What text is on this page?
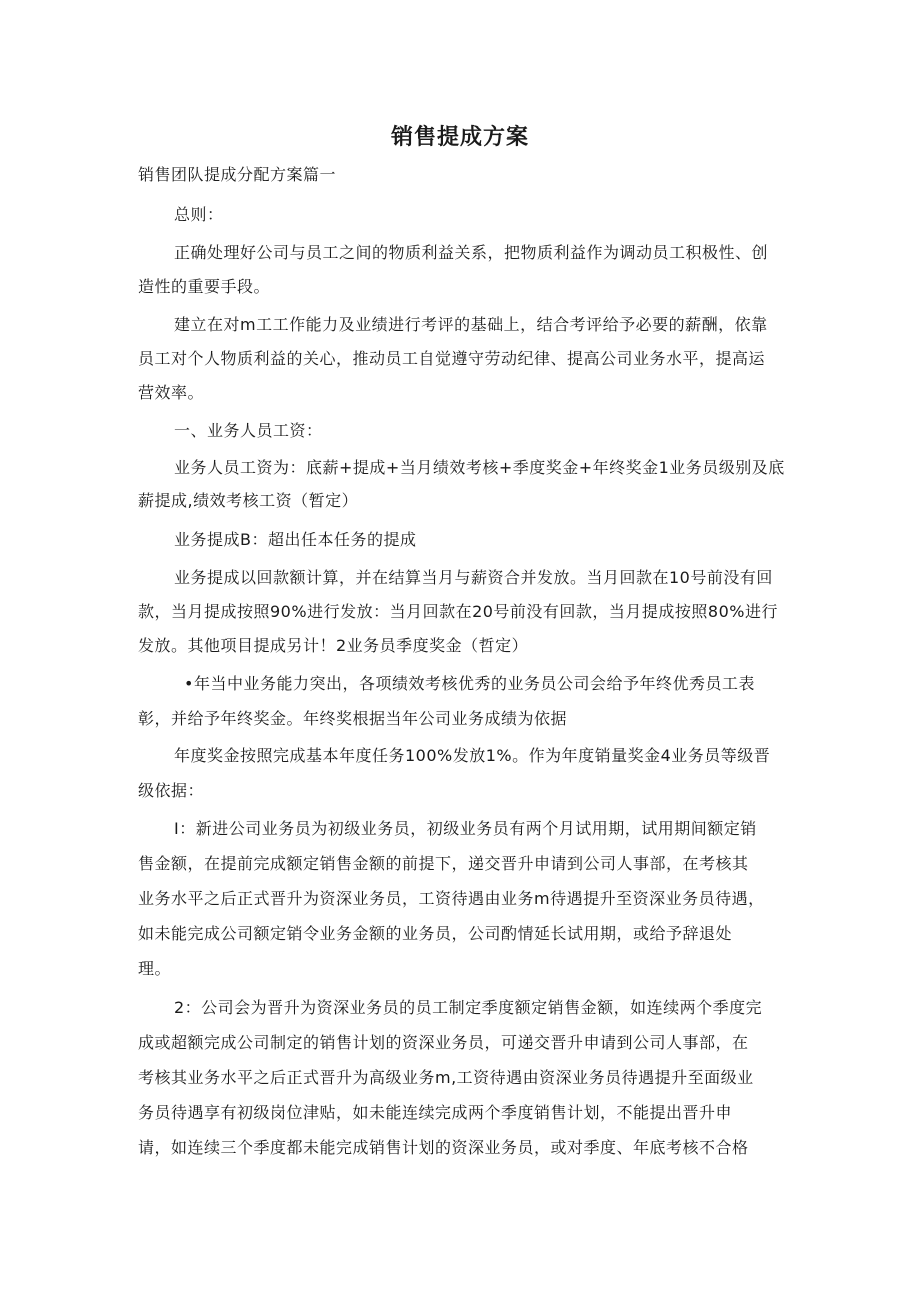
销售提成方案
销售团队提成分配方案篇一
总则：
正确处理好公司与员工之间的物质利益关系，把物质利益作为调动员工积极性、创
造性的重要手段。
建立在对m工工作能力及业绩进行考评的基础上，结合考评给予必要的薪酬，依靠
员工对个人物质利益的关心，推动员工自觉遵守劳动纪律、提高公司业务水平，提高运
营效率。
一、业务人员工资：
业务人员工资为：底薪+提成+当月绩效考核+季度奖金+年终奖金1业务员级别及底
薪提成,绩效考核工资（暂定）
业务提成B：超出任本任务的提成
业务提成以回款额计算，并在结算当月与薪资合并发放。当月回款在10号前没有回
款，当月提成按照90%进行发放：当月回款在20号前没有回款，当月提成按照80%进行
发放。其他项目提成另计！2业务员季度奖金（哲定）
•年当中业务能力突出，各项绩效考核优秀的业务员公司会给予年终优秀员工表
彰，并给予年终奖金。年终奖根据当年公司业务成绩为依据
年度奖金按照完成基本年度任务100%发放1%。作为年度销量奖金4业务员等级晋
级依据：
I：新进公司业务员为初级业务员，初级业务员有两个月试用期，试用期间额定销
售金额，在提前完成额定销售金额的前提下，递交晋升申请到公司人事部，在考核其
业务水平之后正式晋升为资深业务员，工资待遇由业务m待遇提升至资深业务员待遇，
如未能完成公司额定销令业务金额的业务员，公司酌情延长试用期，或给予辞退处
理。
2：公司会为晋升为资深业务员的员工制定季度额定销售金额，如连续两个季度完
成或超额完成公司制定的销售计划的资深业务员，可递交晋升申请到公司人事部，在
考核其业务水平之后正式晋升为高级业务m,工资待遇由资深业务员待遇提升至面级业
务员待遇享有初级岗位津贴，如未能连续完成两个季度销售计划，不能提出晋升申
请，如连续三个季度都未能完成销售计划的资深业务员，或对季度、年底考核不合格
